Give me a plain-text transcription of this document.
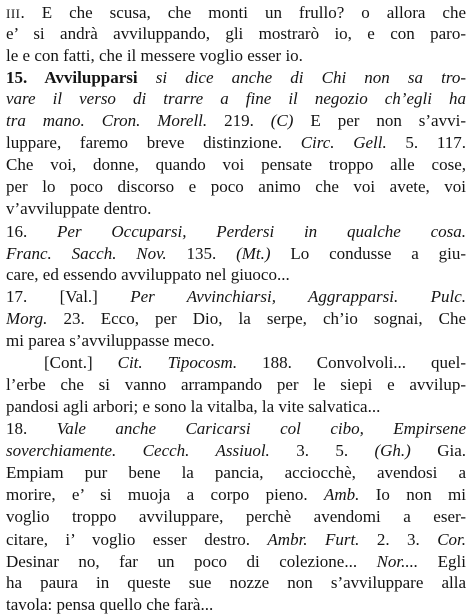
III. E che scusa, che monti un frullo? o allora che
e’ si andrà avviluppando, gli mostrarò io, e con paro-
le e con fatti, che il messere voglio esser io.
15. Avvilupparsi si dice anche di Chi non sa tro-
vare il verso di trarre a fine il negozio ch’egli ha
tra mano. Cron. Morell. 219. (C) E per non s’avvi-
luppare, faremo breve distinzione. Circ. Gell. 5. 117.
Che voi, donne, quando voi pensate troppo alle cose,
per lo poco discorso e poco animo che voi avete, voi
v’avviluppate dentro.
16. Per Occuparsi, Perdersi in qualche cosa.
Franc. Sacch. Nov. 135. (Mt.) Lo condusse a giu-
care, ed essendo avviluppato nel giuoco...
17. [Val.] Per Avvinchiarsi, Aggrapparsi. Pulc.
Morg. 23. Ecco, per Dio, la serpe, ch’io sognai, Che
mi parea s’avviluppasse meco.
[Cont.] Cit. Tipocosm. 188. Convolvoli... quel-
l’erbe che si vanno arrampando per le siepi e avvilup-
pandosi agli arbori; e sono la vitalba, la vite salvatica...
18. Vale anche Caricarsi col cibo, Empirsene
soverchiamente. Cecch. Assiuol. 3. 5. (Gh.) Gia.
Empiam pur bene la pancia, acciocchè, avendosi a
morire, e’ si muoja a corpo pieno. Amb. Io non mi
voglio troppo avviluppare, perchè avendomi a eser-
citare, i’ voglio esser destro. Ambr. Furt. 2. 3. Cor.
Desinar no, far un poco di colezione... Nor.... Egli
ha paura in queste sue nozze non s’avviluppare alla
tavola: pensa quello che farà...
